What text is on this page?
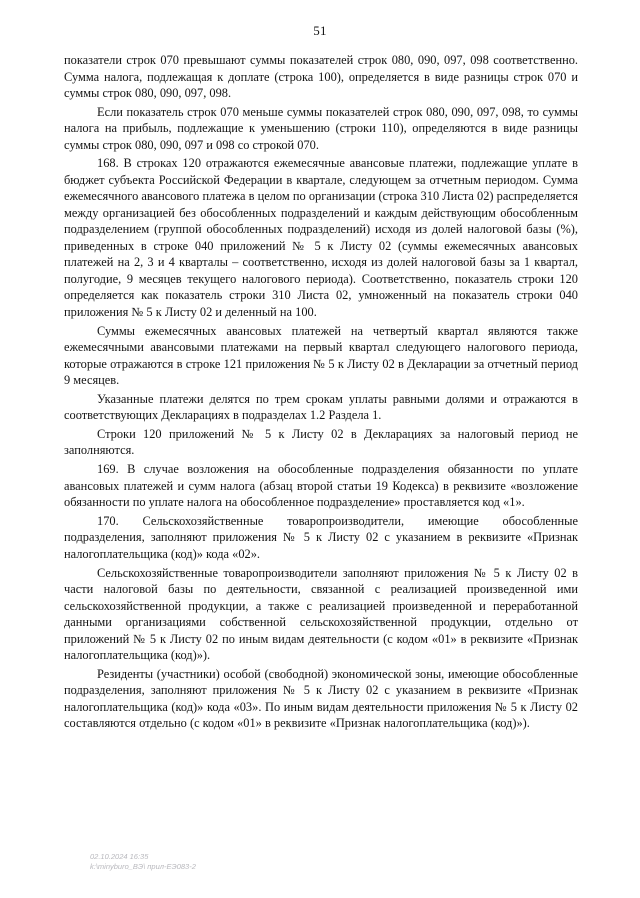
51

показатели строк 070 превышают суммы показателей строк 080, 090, 097, 098 соответственно. Сумма налога, подлежащая к доплате (строка 100), определяется в виде разницы строк 070 и суммы строк 080, 090, 097, 098.

Если показатель строк 070 меньше суммы показателей строк 080, 090, 097, 098, то суммы налога на прибыль, подлежащие к уменьшению (строки 110), определяются в виде разницы суммы строк 080, 090, 097 и 098 со строкой 070.

168. В строках 120 отражаются ежемесячные авансовые платежи, подлежащие уплате в бюджет субъекта Российской Федерации в квартале, следующем за отчетным периодом. Сумма ежемесячного авансового платежа в целом по организации (строка 310 Листа 02) распределяется между организацией без обособленных подразделений и каждым действующим обособленным подразделением (группой обособленных подразделений) исходя из долей налоговой базы (%), приведенных в строке 040 приложений № 5 к Листу 02 (суммы ежемесячных авансовых платежей на 2, 3 и 4 кварталы – соответственно, исходя из долей налоговой базы за 1 квартал, полугодие, 9 месяцев текущего налогового периода). Соответственно, показатель строки 120 определяется как показатель строки 310 Листа 02, умноженный на показатель строки 040 приложения № 5 к Листу 02 и деленный на 100.

Суммы ежемесячных авансовых платежей на четвертый квартал являются также ежемесячными авансовыми платежами на первый квартал следующего налогового периода, которые отражаются в строке 121 приложения № 5 к Листу 02 в Декларации за отчетный период 9 месяцев.

Указанные платежи делятся по трем срокам уплаты равными долями и отражаются в соответствующих Декларациях в подразделах 1.2 Раздела 1.

Строки 120 приложений № 5 к Листу 02 в Декларациях за налоговый период не заполняются.

169. В случае возложения на обособленные подразделения обязанности по уплате авансовых платежей и сумм налога (абзац второй статьи 19 Кодекса) в реквизите «возложение обязанности по уплате налога на обособленное подразделение» проставляется код «1».

170. Сельскохозяйственные товаропроизводители, имеющие обособленные подразделения, заполняют приложения № 5 к Листу 02 с указанием в реквизите «Признак налогоплательщика (код)» кода «02».

Сельскохозяйственные товаропроизводители заполняют приложения № 5 к Листу 02 в части налоговой базы по деятельности, связанной с реализацией произведенной ими сельскохозяйственной продукции, а также с реализацией произведенной и переработанной данными организациями собственной сельскохозяйственной продукции, отдельно от приложений № 5 к Листу 02 по иным видам деятельности (с кодом «01» в реквизите «Признак налогоплательщика (код)»).

Резиденты (участники) особой (свободной) экономической зоны, имеющие обособленные подразделения, заполняют приложения № 5 к Листу 02 с указанием в реквизите «Признак налогоплательщика (код)» кода «03». По иным видам деятельности приложения № 5 к Листу 02 составляются отдельно (с кодом «01» в реквизите «Признак налогоплательщика (код)»).

02.10.2024 16:35
k:\minyburo_ВЭ\ прил-ЕЭ083-2
